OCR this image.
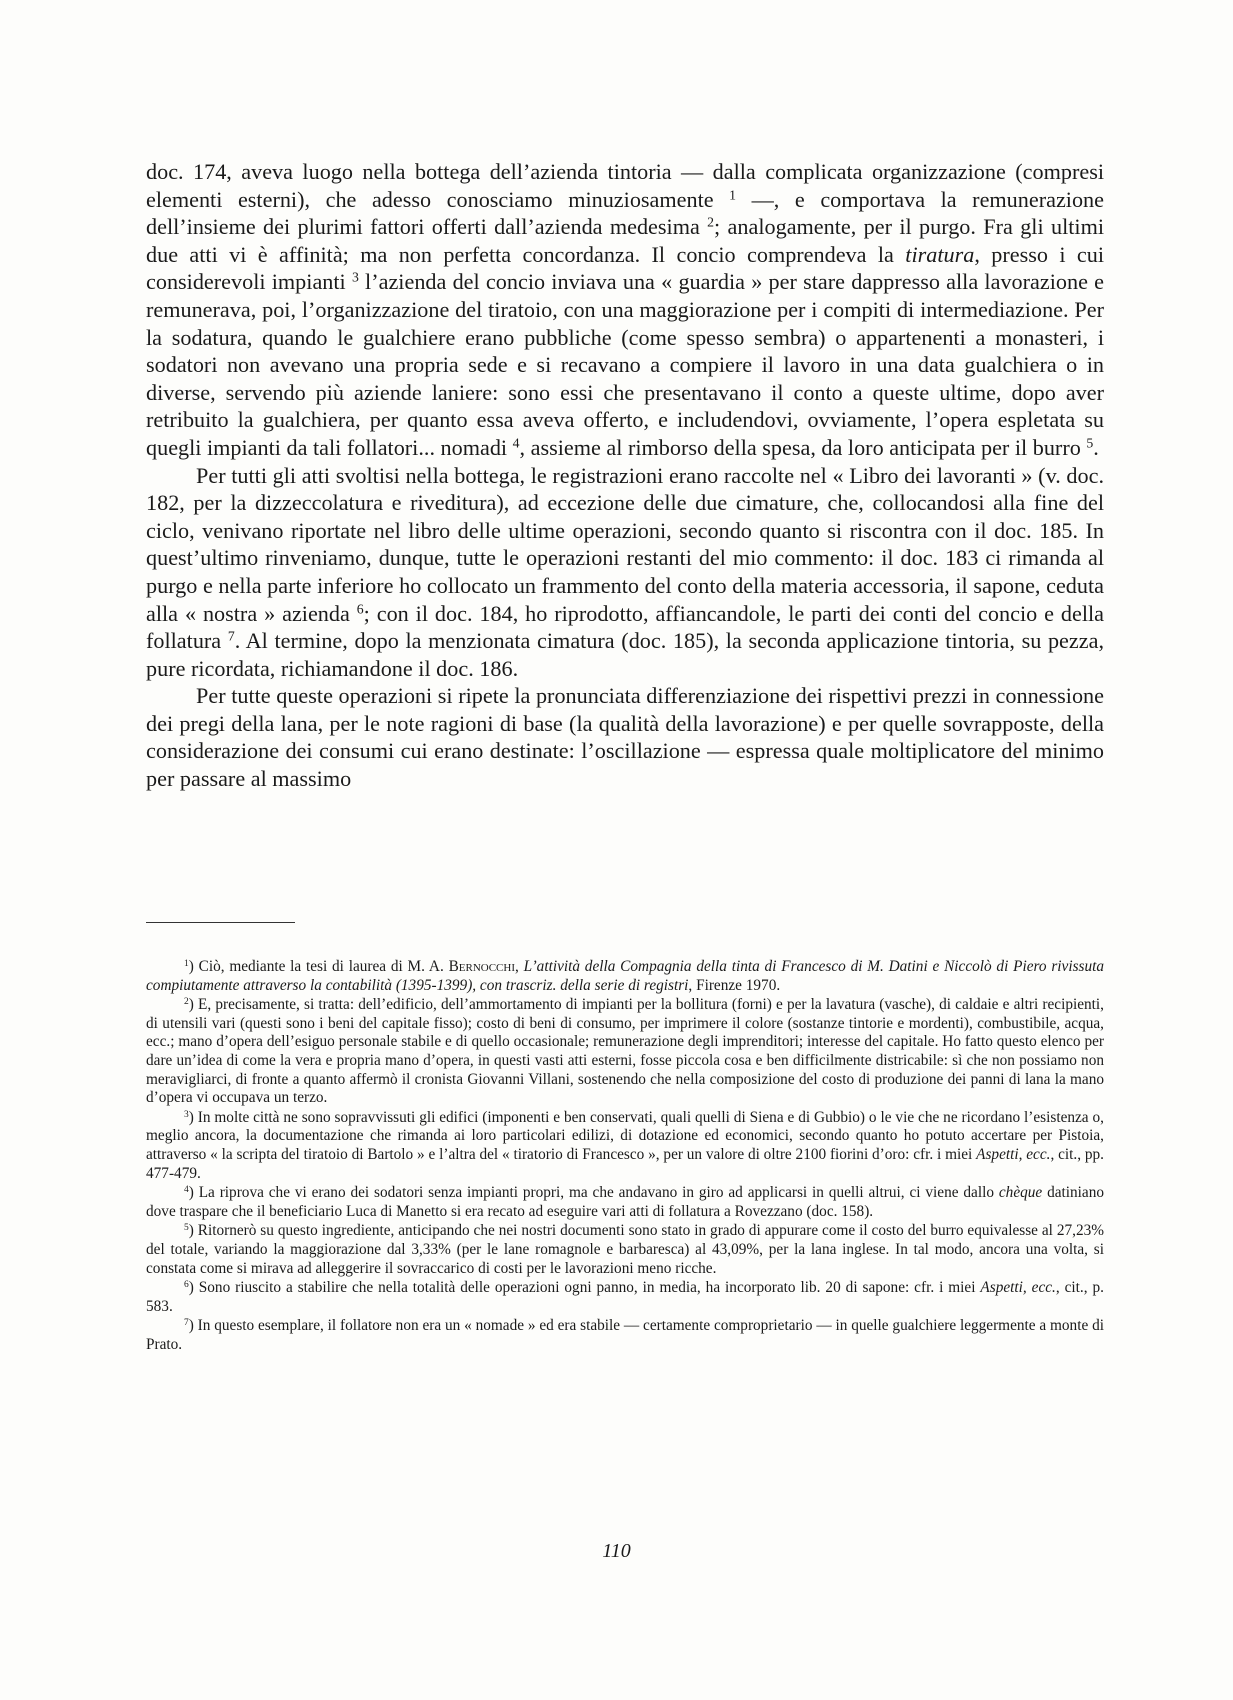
doc. 174, aveva luogo nella bottega dell’azienda tintoria — dalla complicata organizzazione (compresi elementi esterni), che adesso conosciamo minuziosamente $^1$ —, e comportava la remunerazione dell’insieme dei plurimi fattori offerti dall’azienda medesima $^2$; analogamente, per il purgo. Fra gli ultimi due atti vi è affinità; ma non perfetta concordanza. Il concio comprendeva la tiratura, presso i cui considerevoli impianti $^3$ l’azienda del concio inviava una « guardia » per stare dappresso alla lavorazione e remunerava, poi, l’organizzazione del tiratoio, con una maggiorazione per i compiti di intermediazione. Per la sodatura, quando le gualchiere erano pubbliche (come spesso sembra) o appartenenti a monasteri, i sodatori non avevano una propria sede e si recavano a compiere il lavoro in una data gualchiera o in diverse, servendo più aziende laniere: sono essi che presentavano il conto a queste ultime, dopo aver retribuito la gualchiera, per quanto essa aveva offerto, e includendovi, ovviamente, l’opera espletata su quegli impianti da tali follatori... nomadi $^4$, assieme al rimborso della spesa, da loro anticipata per il burro $^5$.

Per tutti gli atti svoltisi nella bottega, le registrazioni erano raccolte nel « Libro dei lavoranti » (v. doc. 182, per la dizzeccolatura e riveditura), ad eccezione delle due cimature, che, collocandosi alla fine del ciclo, venivano riportate nel libro delle ultime operazioni, secondo quanto si riscontra con il doc. 185. In quest’ultimo rinveniamo, dunque, tutte le operazioni restanti del mio commento: il doc. 183 ci rimanda al purgo e nella parte inferiore ho collocato un frammento del conto della materia accessoria, il sapone, ceduta alla « nostra » azienda $^6$; con il doc. 184, ho riprodotto, affiancandole, le parti dei conti del concio e della follatura $^7$. Al termine, dopo la menzionata cimatura (doc. 185), la seconda applicazione tintoria, su pezza, pure ricordata, richiamandone il doc. 186.

Per tutte queste operazioni si ripete la pronunciata differenziazione dei rispettivi prezzi in connessione dei pregi della lana, per le note ragioni di base (la qualità della lavorazione) e per quelle sovrapposte, della considerazione dei consumi cui erano destinate: l’oscillazione — espressa quale moltiplicatore del minimo per passare al massimo

$^1$) Ciò, mediante la tesi di laurea di M. A. Bernocchi, L’attività della Compagnia della tinta di Francesco di M. Datini e Niccolò di Piero rivissuta compiutamente attraverso la contabilità (1395-1399), con trascriz. della serie di registri, Firenze 1970.

$^2$) E, precisamente, si tratta: dell’edificio, dell’ammortamento di impianti per la bollitura (forni) e per la lavatura (vasche), di caldaie e altri recipienti, di utensili vari (questi sono i beni del capitale fisso); costo di beni di consumo, per imprimere il colore (sostanze tintorie e mordenti), combustibile, acqua, ecc.; mano d’opera dell’esiguo personale stabile e di quello occasionale; remunerazione degli imprenditori; interesse del capitale. Ho fatto questo elenco per dare un’idea di come la vera e propria mano d’opera, in questi vasti atti esterni, fosse piccola cosa e ben difficilmente districabile: sì che non possiamo non meravigliarci, di fronte a quanto affermò il cronista Giovanni Villani, sostenendo che nella composizione del costo di produzione dei panni di lana la mano d’opera vi occupava un terzo.

$^3$) In molte città ne sono sopravvissuti gli edifici (imponenti e ben conservati, quali quelli di Siena e di Gubbio) o le vie che ne ricordano l’esistenza o, meglio ancora, la documentazione che rimanda ai loro particolari edilizi, di dotazione ed economici, secondo quanto ho potuto accertare per Pistoia, attraverso « la scripta del tiratoio di Bartolo » e l’altra del « tiratorio di Francesco », per un valore di oltre 2100 fiorini d’oro: cfr. i miei Aspetti, ecc., cit., pp. 477-479.

$^4$) La riprova che vi erano dei sodatori senza impianti propri, ma che andavano in giro ad applicarsi in quelli altrui, ci viene dallo chèque datiniano dove traspare che il beneficiario Luca di Manetto si era recato ad eseguire vari atti di follatura a Rovezzano (doc. 158).

$^5$) Ritornerò su questo ingrediente, anticipando che nei nostri documenti sono stato in grado di appurare come il costo del burro equivalesse al 27,23% del totale, variando la maggiorazione dal 3,33% (per le lane romagnole e barbaresca) al 43,09%, per la lana inglese. In tal modo, ancora una volta, si constata come si mirava ad alleggerire il sovraccarico di costi per le lavorazioni meno ricche.

$^6$) Sono riuscito a stabilire che nella totalità delle operazioni ogni panno, in media, ha incorporato lib. 20 di sapone: cfr. i miei Aspetti, ecc., cit., p. 583.

$^7$) In questo esemplare, il follatore non era un « nomade » ed era stabile — certamente comproprietario — in quelle gualchiere leggermente a monte di Prato.

110
